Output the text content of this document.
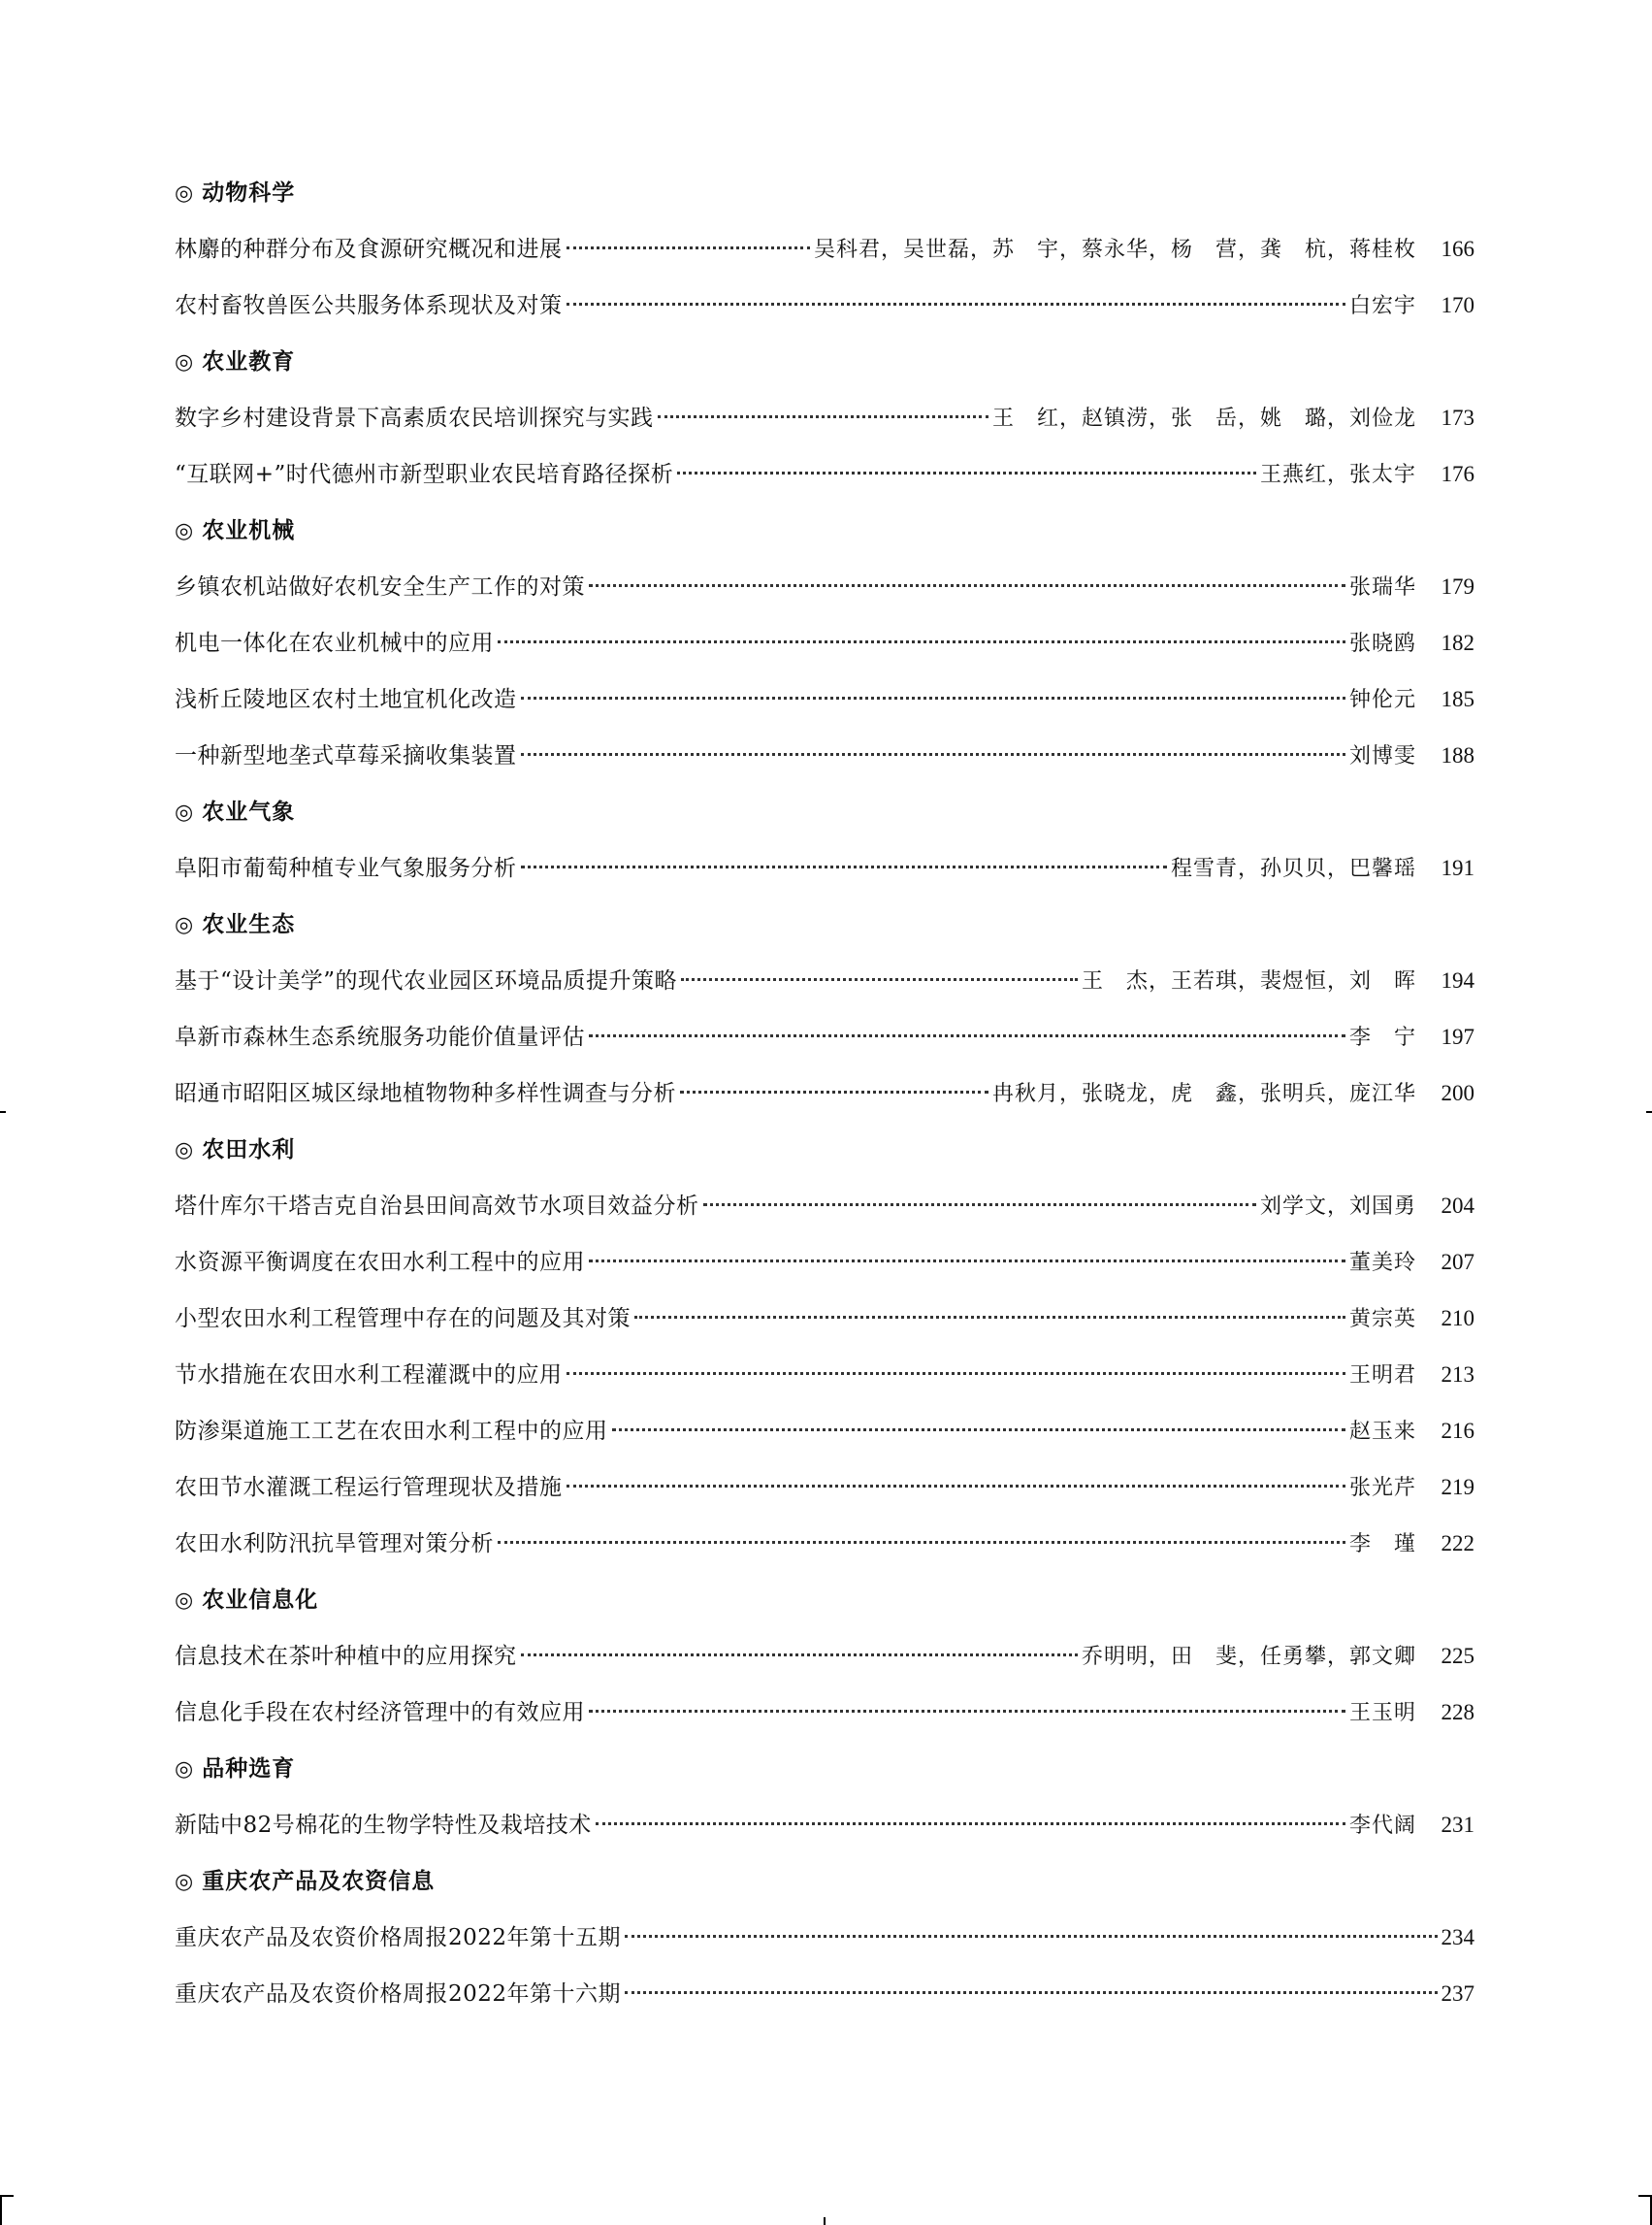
◎ 动物科学
林麝的种群分布及食源研究概况和进展	吴科君，吴世磊，苏　宇，蔡永华，杨　营，龚　杭，蒋桂枚	166
农村畜牧兽医公共服务体系现状及对策	白宏宇	170
◎ 农业教育
数字乡村建设背景下高素质农民培训探究与实践	王　红，赵镇涝，张　岳，姚　璐，刘俭龙	173
“互联网+”时代德州市新型职业农民培育路径探析	王燕红，张太宇	176
◎ 农业机械
乡镇农机站做好农机安全生产工作的对策	张瑞华	179
机电一体化在农业机械中的应用	张晓鸥	182
浅析丘陵地区农村土地宜机化改造	钟伦元	185
一种新型地垄式草莓采摘收集装置	刘博雯	188
◎ 农业气象
阜阳市葡萄种植专业气象服务分析	程雪青，孙贝贝，巴馨瑶	191
◎ 农业生态
基于“设计美学”的现代农业园区环境品质提升策略	王　杰，王若琪，裴煜恒，刘　晖	194
阜新市森林生态系统服务功能价值量评估	李　宁	197
昭通市昭阳区城区绿地植物物种多样性调查与分析	冉秋月，张晓龙，虎　鑫，张明兵，庞江华	200
◎ 农田水利
塔什库尔干塔吉克自治县田间高效节水项目效益分析	刘学文，刘国勇	204
水资源平衡调度在农田水利工程中的应用	董美玲	207
小型农田水利工程管理中存在的问题及其对策	黄宗英	210
节水措施在农田水利工程灌溉中的应用	王明君	213
防渗渠道施工工艺在农田水利工程中的应用	赵玉来	216
农田节水灌溉工程运行管理现状及措施	张光芹	219
农田水利防汛抗旱管理对策分析	李　瑾	222
◎ 农业信息化
信息技术在茶叶种植中的应用探究	乔明明，田　斐，任勇攀，郭文卿	225
信息化手段在农村经济管理中的有效应用	王玉明	228
◎ 品种选育
新陆中82号棉花的生物学特性及栽培技术	李代阔	231
◎ 重庆农产品及农资信息
重庆农产品及农资价格周报2022年第十五期	234
重庆农产品及农资价格周报2022年第十六期	237
